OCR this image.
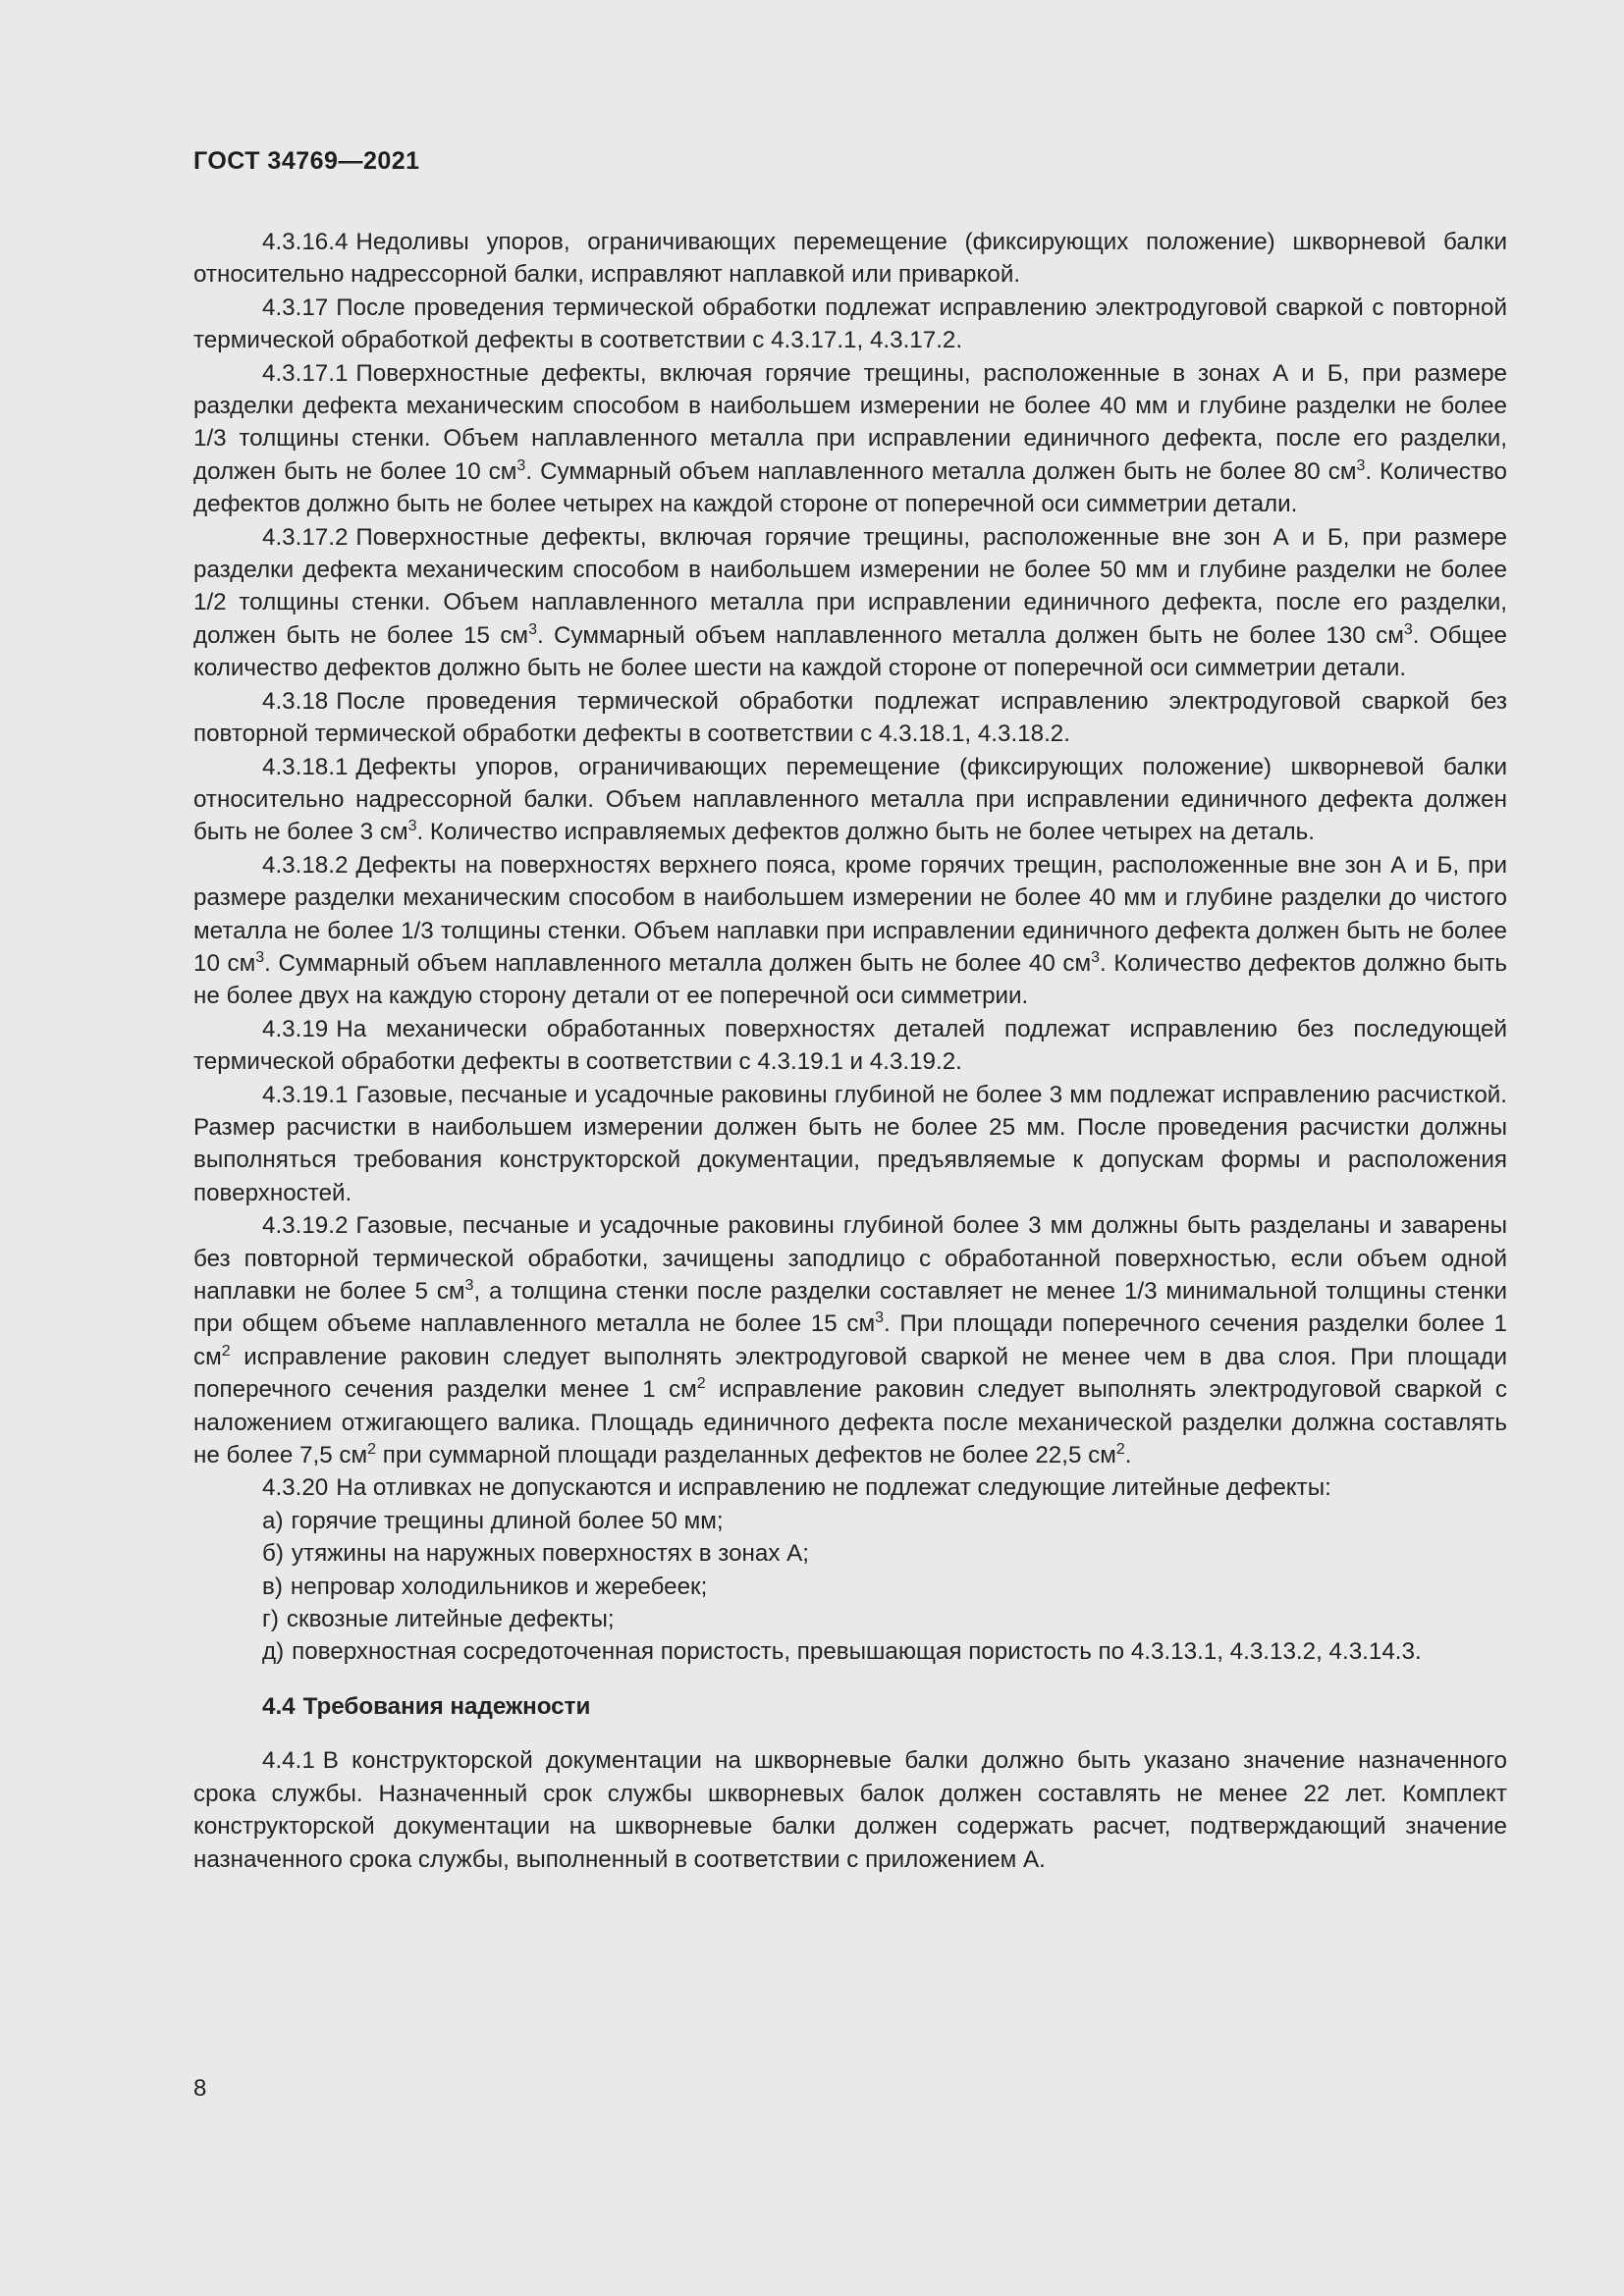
ГОСТ 34769—2021

4.3.16.4 Недоливы упоров, ограничивающих перемещение (фиксирующих положение) шкворневой балки относительно надрессорной балки, исправляют наплавкой или приваркой.

4.3.17 После проведения термической обработки подлежат исправлению электродуговой сваркой с повторной термической обработкой дефекты в соответствии с 4.3.17.1, 4.3.17.2.

4.3.17.1 Поверхностные дефекты, включая горячие трещины, расположенные в зонах А и Б, при размере разделки дефекта механическим способом в наибольшем измерении не более 40 мм и глубине разделки не более 1/3 толщины стенки. Объем наплавленного металла при исправлении единичного дефекта, после его разделки, должен быть не более 10 $см^3$. Суммарный объем наплавленного металла должен быть не более 80 $см^3$. Количество дефектов должно быть не более четырех на каждой стороне от поперечной оси симметрии детали.

4.3.17.2 Поверхностные дефекты, включая горячие трещины, расположенные вне зон А и Б, при размере разделки дефекта механическим способом в наибольшем измерении не более 50 мм и глубине разделки не более 1/2 толщины стенки. Объем наплавленного металла при исправлении единичного дефекта, после его разделки, должен быть не более 15 $см^3$. Суммарный объем наплавленного металла должен быть не более 130 $см^3$. Общее количество дефектов должно быть не более шести на каждой стороне от поперечной оси симметрии детали.

4.3.18 После проведения термической обработки подлежат исправлению электродуговой сваркой без повторной термической обработки дефекты в соответствии с 4.3.18.1, 4.3.18.2.

4.3.18.1 Дефекты упоров, ограничивающих перемещение (фиксирующих положение) шкворневой балки относительно надрессорной балки. Объем наплавленного металла при исправлении единичного дефекта должен быть не более 3 $см^3$. Количество исправляемых дефектов должно быть не более четырех на деталь.

4.3.18.2 Дефекты на поверхностях верхнего пояса, кроме горячих трещин, расположенные вне зон А и Б, при размере разделки механическим способом в наибольшем измерении не более 40 мм и глубине разделки до чистого металла не более 1/3 толщины стенки. Объем наплавки при исправлении единичного дефекта должен быть не более 10 $см^3$. Суммарный объем наплавленного металла должен быть не более 40 $см^3$. Количество дефектов должно быть не более двух на каждую сторону детали от ее поперечной оси симметрии.

4.3.19 На механически обработанных поверхностях деталей подлежат исправлению без последующей термической обработки дефекты в соответствии с 4.3.19.1 и 4.3.19.2.

4.3.19.1 Газовые, песчаные и усадочные раковины глубиной не более 3 мм подлежат исправлению расчисткой. Размер расчистки в наибольшем измерении должен быть не более 25 мм. После проведения расчистки должны выполняться требования конструкторской документации, предъявляемые к допускам формы и расположения поверхностей.

4.3.19.2 Газовые, песчаные и усадочные раковины глубиной более 3 мм должны быть разделаны и заварены без повторной термической обработки, зачищены заподлицо с обработанной поверхностью, если объем одной наплавки не более 5 $см^3$, а толщина стенки после разделки составляет не менее 1/3 минимальной толщины стенки при общем объеме наплавленного металла не более 15 $см^3$. При площади поперечного сечения разделки более 1 $см^2$ исправление раковин следует выполнять электродуговой сваркой не менее чем в два слоя. При площади поперечного сечения разделки менее 1 $см^2$ исправление раковин следует выполнять электродуговой сваркой с наложением отжигающего валика. Площадь единичного дефекта после механической разделки должна составлять не более 7,5 $см^2$ при суммарной площади разделанных дефектов не более 22,5 $см^2$.

4.3.20 На отливках не допускаются и исправлению не подлежат следующие литейные дефекты:

а) горячие трещины длиной более 50 мм;

б) утяжины на наружных поверхностях в зонах А;

в) непровар холодильников и жеребеек;

г) сквозные литейные дефекты;

д) поверхностная сосредоточенная пористость, превышающая пористость по 4.3.13.1, 4.3.13.2, 4.3.14.3.

4.4 Требования надежности

4.4.1 В конструкторской документации на шкворневые балки должно быть указано значение назначенного срока службы. Назначенный срок службы шкворневых балок должен составлять не менее 22 лет. Комплект конструкторской документации на шкворневые балки должен содержать расчет, подтверждающий значение назначенного срока службы, выполненный в соответствии с приложением А.

8
